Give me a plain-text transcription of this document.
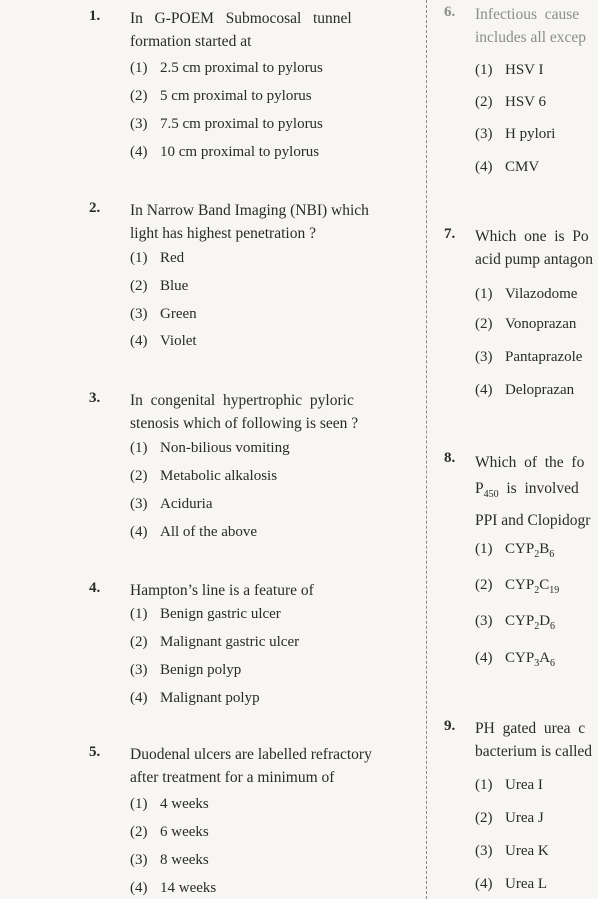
1. In   G-POEM   Submocosal   tunnel
formation started at
(1) 2.5 cm proximal to pylorus
(2) 5 cm proximal to pylorus
(3) 7.5 cm proximal to pylorus
(4) 10 cm proximal to pylorus
2. In Narrow Band Imaging (NBI) which
light has highest penetration ?
(1) Red
(2) Blue
(3) Green
(4) Violet
3. In  congenital  hypertrophic  pyloric
stenosis which of following is seen ?
(1) Non-bilious vomiting
(2) Metabolic alkalosis
(3) Aciduria
(4) All of the above
4. Hampton’s line is a feature of
(1) Benign gastric ulcer
(2) Malignant gastric ulcer
(3) Benign polyp
(4) Malignant polyp
5. Duodenal ulcers are labelled refractory
after treatment for a minimum of
(1) 4 weeks
(2) 6 weeks
(3) 8 weeks
(4) 14 weeks
6. Infectious  cause
includes all excep
(1) HSV I
(2) HSV 6
(3) H pylori
(4) CMV
7. Which  one  is  Po
acid pump antagon
(1) Vilazodome
(2) Vonoprazan
(3) Pantaprazole
(4) Deloprazan
8. Which  of  the  fo
$P_{450}$  is  involved
PPI and Clopidogr
(1) $CYP_2B_6$
(2) $CYP_2C_{19}$
(3) $CYP_2D_6$
(4) $CYP_3A_6$
9. PH  gated  urea  c
bacterium is called
(1) Urea I
(2) Urea J
(3) Urea K
(4) Urea L
